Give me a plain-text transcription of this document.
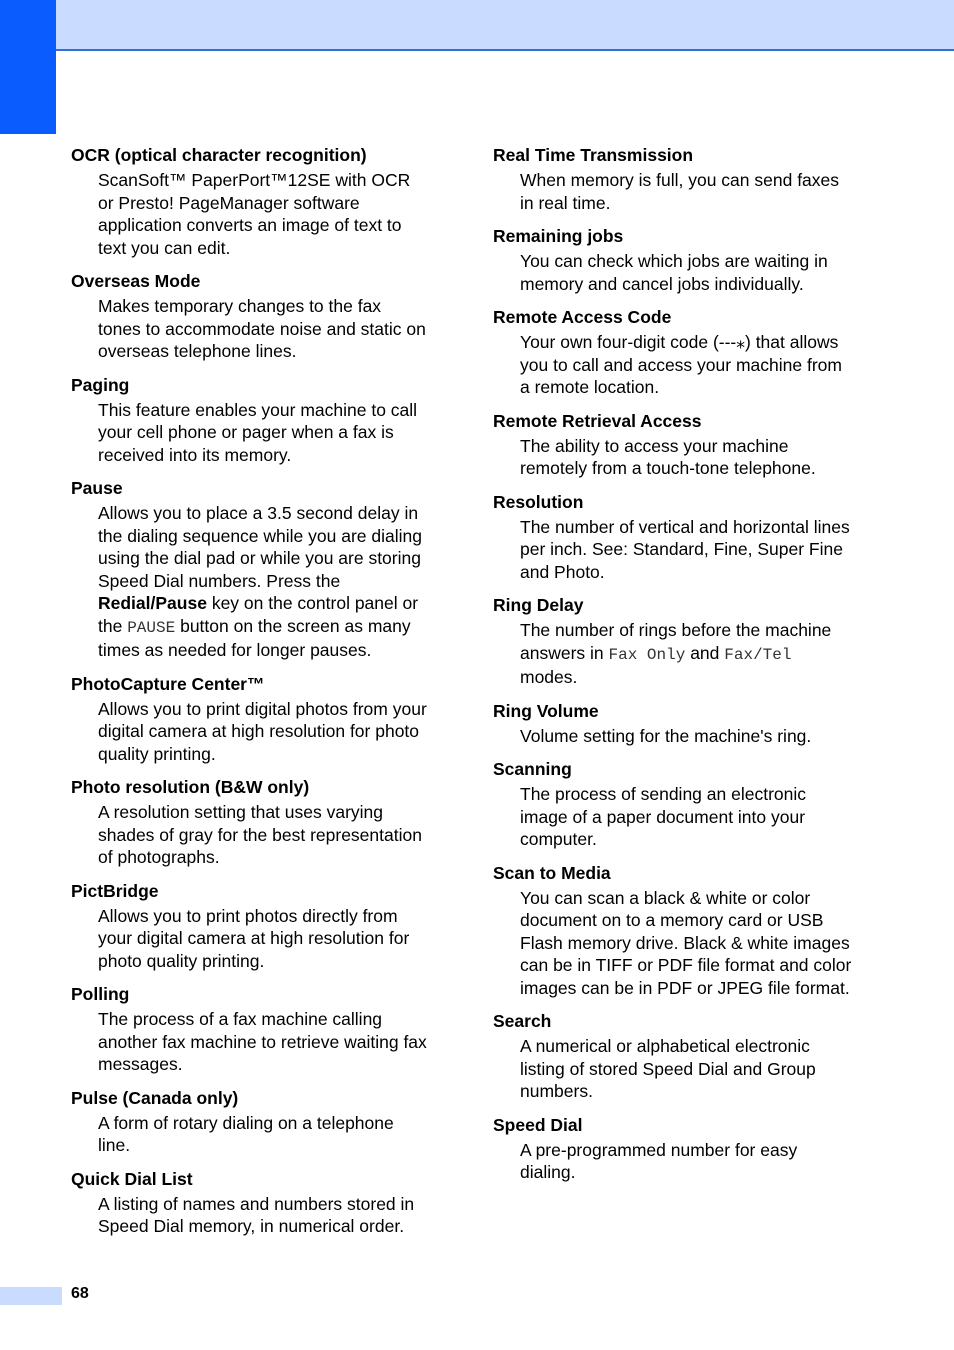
OCR (optical character recognition)

ScanSoft™ PaperPort™12SE with OCR
or Presto! PageManager software
application converts an image of text to
text you can edit.

Overseas Mode

Makes temporary changes to the fax
tones to accommodate noise and static on
overseas telephone lines.

Paging

This feature enables your machine to call
your cell phone or pager when a fax is
received into its memory.

Pause

Allows you to place a 3.5 second delay in
the dialing sequence while you are dialing
using the dial pad or while you are storing
Speed Dial numbers. Press the
Redial/Pause key on the control panel or
the PAUSE button on the screen as many
times as needed for longer pauses.

PhotoCapture Center™

Allows you to print digital photos from your
digital camera at high resolution for photo
quality printing.

Photo resolution (B&W only)

A resolution setting that uses varying
shades of gray for the best representation
of photographs.

PictBridge

Allows you to print photos directly from
your digital camera at high resolution for
photo quality printing.

Polling

The process of a fax machine calling
another fax machine to retrieve waiting fax
messages.

Pulse (Canada only)

A form of rotary dialing on a telephone
line.

Quick Dial List

A listing of names and numbers stored in
Speed Dial memory, in numerical order.

Real Time Transmission

When memory is full, you can send faxes
in real time.

Remaining jobs

You can check which jobs are waiting in
memory and cancel jobs individually.

Remote Access Code

Your own four-digit code (---⁎) that allows
you to call and access your machine from
a remote location.

Remote Retrieval Access

The ability to access your machine
remotely from a touch-tone telephone.

Resolution

The number of vertical and horizontal lines
per inch. See: Standard, Fine, Super Fine
and Photo.

Ring Delay

The number of rings before the machine
answers in Fax Only and Fax/Tel
modes.

Ring Volume

Volume setting for the machine's ring.

Scanning

The process of sending an electronic
image of a paper document into your
computer.

Scan to Media

You can scan a black & white or color
document on to a memory card or USB
Flash memory drive. Black & white images
can be in TIFF or PDF file format and color
images can be in PDF or JPEG file format.

Search

A numerical or alphabetical electronic
listing of stored Speed Dial and Group
numbers.

Speed Dial

A pre-programmed number for easy
dialing.

68
